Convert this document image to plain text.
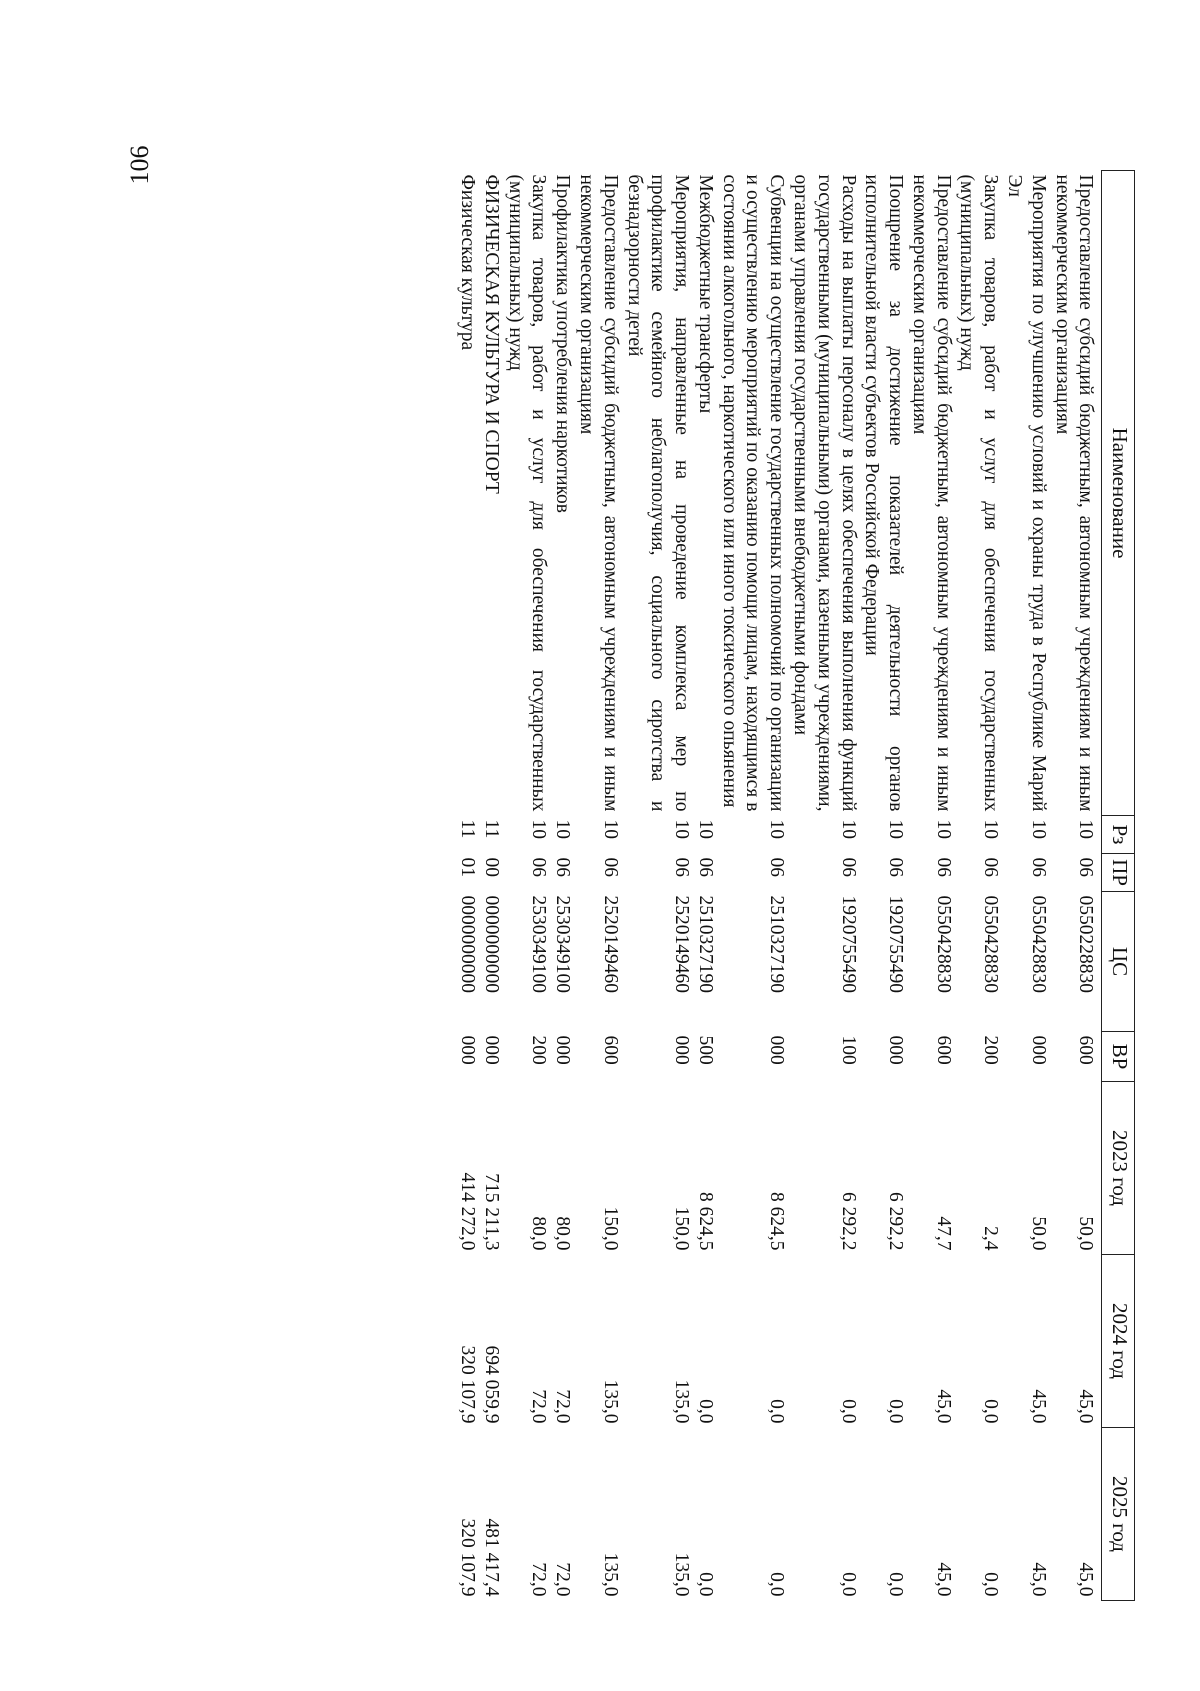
106
Наименование	Рз	ПР	ЦС	ВР	2023 год	2024 год	2025 год
Предоставление субсидий бюджетным, автономным учреждениям и иным некоммерческим организациям	10	06	0550228830	600	50,0	45,0	45,0
Мероприятия по улучшению условий и охраны труда в Республике Марий Эл	10	06	0550428830	000	50,0	45,0	45,0
Закупка товаров, работ и услуг для обеспечения государственных (муниципальных) нужд	10	06	0550428830	200	2,4	0,0	0,0
Предоставление субсидий бюджетным, автономным учреждениям и иным некоммерческим организациям	10	06	0550428830	600	47,7	45,0	45,0
Поощрение за достижение показателей деятельности органов исполнительной власти субъектов Российской Федерации	10	06	1920755490	000	6 292,2	0,0	0,0
Расходы на выплаты персоналу в целях обеспечения выполнения функций государственными (муниципальными) органами, казенными учреждениями, органами управления государственными внебюджетными фондами	10	06	1920755490	100	6 292,2	0,0	0,0
Субвенции на осуществление государственных полномочий по организации и осуществлению мероприятий по оказанию помощи лицам, находящимся в состоянии алкогольного, наркотического или иного токсического опьянения	10	06	2510327190	000	8 624,5	0,0	0,0
Межбюджетные трансферты	10	06	2510327190	500	8 624,5	0,0	0,0
Мероприятия, направленные на проведение комплекса мер по профилактике семейного неблагополучия, социального сиротства и безнадзорности детей	10	06	2520149460	000	150,0	135,0	135,0
Предоставление субсидий бюджетным, автономным учреждениям и иным некоммерческим организациям	10	06	2520149460	600	150,0	135,0	135,0
Профилактика употребления наркотиков	10	06	2530349100	000	80,0	72,0	72,0
Закупка товаров, работ и услуг для обеспечения государственных (муниципальных) нужд	10	06	2530349100	200	80,0	72,0	72,0
ФИЗИЧЕСКАЯ КУЛЬТУРА И СПОРТ	11	00	0000000000	000	715 211,3	694 059,9	481 417,4
Физическая культура	11	01	0000000000	000	414 272,0	320 107,9	320 107,9
